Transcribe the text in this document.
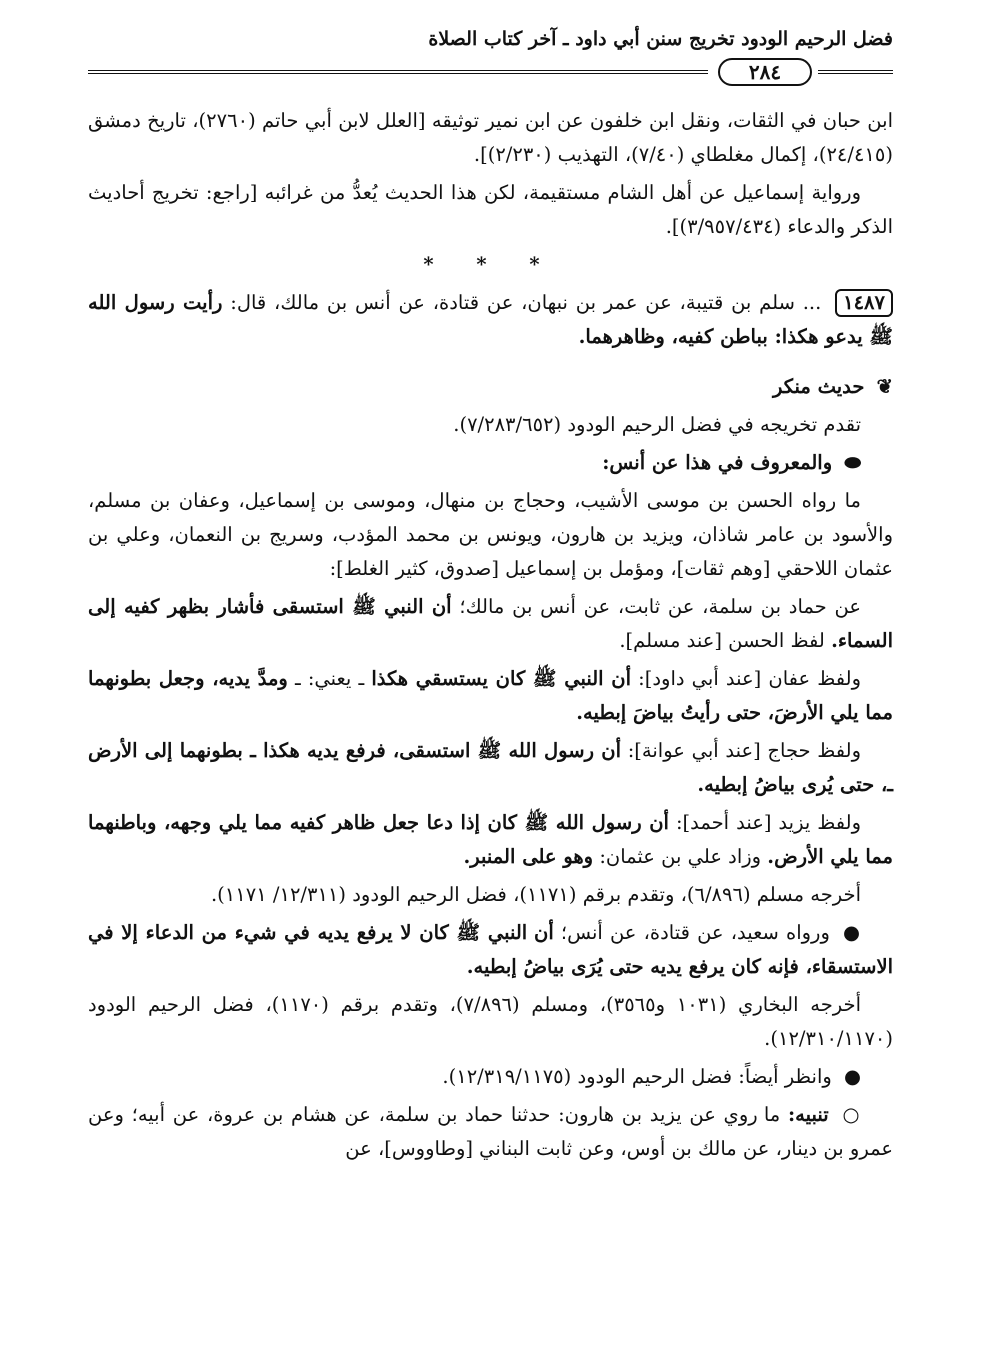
فضل الرحيم الودود تخريج سنن أبي داود ـ آخر كتاب الصلاة
٢٨٤

ابن حبان في الثقات، ونقل ابن خلفون عن ابن نمير توثيقه [العلل لابن أبي حاتم (٢٧٦٠)، تاريخ دمشق (٢٤/٤١٥)، إكمال مغلطاي (٧/٤٠)، التهذيب (٢/٢٣٠)].

ورواية إسماعيل عن أهل الشام مستقيمة، لكن هذا الحديث يُعدُّ من غرائبه [راجع: تخريج أحاديث الذكر والدعاء (٣/٩٥٧/٤٣٤)].

* * *

١٤٨٧ ... سلم بن قتيبة، عن عمر بن نبهان، عن قتادة، عن أنس بن مالك، قال: رأيت رسول الله ﷺ يدعو هكذا: بباطن كفيه، وظاهرهما.

❦ حديث منكر

تقدم تخريجه في فضل الرحيم الودود (٧/٢٨٣/٦٥٢).

⬬ والمعروف في هذا عن أنس:

ما رواه الحسن بن موسى الأشيب، وحجاج بن منهال، وموسى بن إسماعيل، وعفان بن مسلم، والأسود بن عامر شاذان، ويزيد بن هارون، ويونس بن محمد المؤدب، وسريج بن النعمان، وعلي بن عثمان اللاحقي [وهم ثقات]، ومؤمل بن إسماعيل [صدوق، كثير الغلط]:

عن حماد بن سلمة، عن ثابت، عن أنس بن مالك؛ أن النبي ﷺ استسقى فأشار بظهر كفيه إلى السماء. لفظ الحسن [عند مسلم].

ولفظ عفان [عند أبي داود]: أن النبي ﷺ كان يستسقي هكذا ـ يعني: ـ ومدَّ يديه، وجعل بطونهما مما يلي الأرضَ، حتى رأيتُ بياضَ إبطيه.

ولفظ حجاج [عند أبي عوانة]: أن رسول الله ﷺ استسقى، فرفع يديه هكذا ـ بطونهما إلى الأرض ـ، حتى يُرى بياضُ إبطيه.

ولفظ يزيد [عند أحمد]: أن رسول الله ﷺ كان إذا دعا جعل ظاهر كفيه مما يلي وجهه، وباطنهما مما يلي الأرض. وزاد علي بن عثمان: وهو على المنبر.

أخرجه مسلم (٦/٨٩٦)، وتقدم برقم (١١٧١)، فضل الرحيم الودود (١٢/٣١١/ ١١٧١).

● ورواه سعيد، عن قتادة، عن أنس؛ أن النبي ﷺ كان لا يرفع يديه في شيء من الدعاء إلا في الاستسقاء، فإنه كان يرفع يديه حتى يُرَى بياضُ إبطيه.

أخرجه البخاري (١٠٣١ و٣٥٦٥)، ومسلم (٧/٨٩٦)، وتقدم برقم (١١٧٠)، فضل الرحيم الودود (١٢/٣١٠/١١٧٠).

● وانظر أيضاً: فضل الرحيم الودود (١٢/٣١٩/١١٧٥).

○ تنبيه: ما روي عن يزيد بن هارون: حدثنا حماد بن سلمة، عن هشام بن عروة، عن أبيه؛ وعن عمرو بن دينار، عن مالك بن أوس، وعن ثابت البناني [وطاووس]، عن
